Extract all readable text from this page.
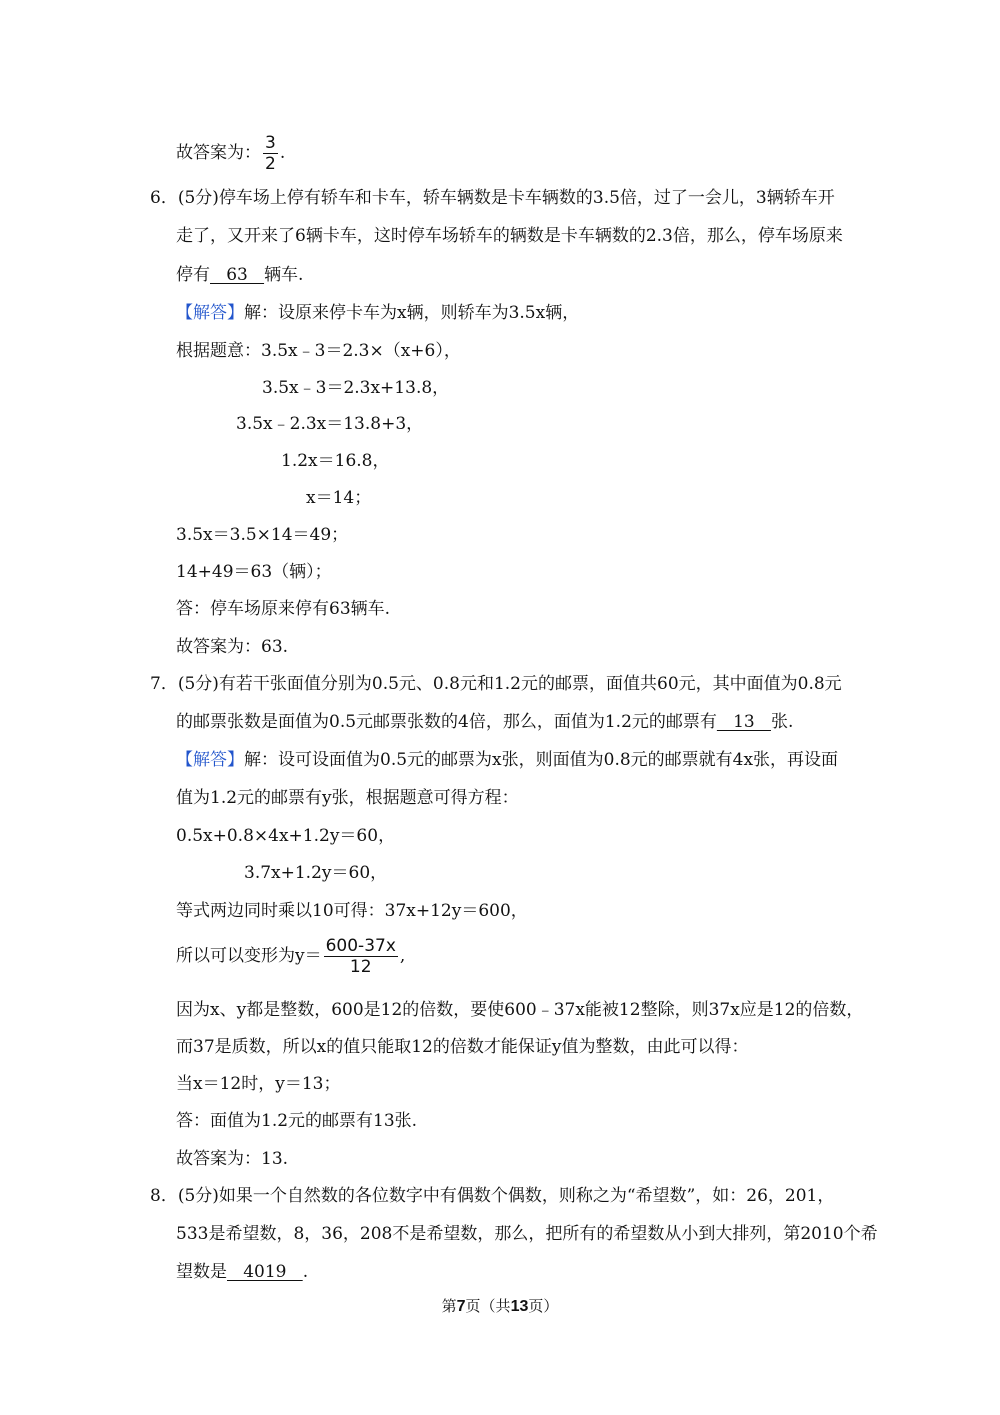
故答案为： $\frac{3}{2}$ .
6．(5分)停车场上停有轿车和卡车，轿车辆数是卡车辆数的3.5倍，过了一会儿，3辆轿车开
走了，又开来了6辆卡车，这时停车场轿车的辆数是卡车辆数的2.3倍，那么，停车场原来
停有   63   辆车.
【解答】解：设原来停卡车为x辆，则轿车为3.5x辆，
根据题意：3.5x﹣3＝2.3×（x+6），
3.5x﹣3＝2.3x+13.8，
3.5x﹣2.3x＝13.8+3，
1.2x＝16.8，
x＝14；
3.5x＝3.5×14＝49；
14+49＝63（辆）；
答：停车场原来停有63辆车.
故答案为：63.
7．(5分)有若干张面值分别为0.5元、0.8元和1.2元的邮票，面值共60元，其中面值为0.8元
的邮票张数是面值为0.5元邮票张数的4倍，那么，面值为1.2元的邮票有   13   张.
【解答】解：设可设面值为0.5元的邮票为x张，则面值为0.8元的邮票就有4x张，再设面
值为1.2元的邮票有y张，根据题意可得方程：
0.5x+0.8×4x+1.2y＝60，
3.7x+1.2y＝60，
等式两边同时乘以10可得：37x+12y＝600，
所以可以变形为$y= \frac{600-37x}{12}$ ,
因为x、y都是整数，600是12的倍数，要使600﹣37x能被12整除，则37x应是12的倍数，
而37是质数，所以x的值只能取12的倍数才能保证y值为整数，由此可以得：
当x＝12时，y＝13；
答：面值为1.2元的邮票有13张.
故答案为：13.
8．(5分)如果一个自然数的各位数字中有偶数个偶数，则称之为“希望数”，如：26，201，
533是希望数，8，36，208不是希望数，那么，把所有的希望数从小到大排列，第2010个希
望数是   4019   .
第7页（共13页）
